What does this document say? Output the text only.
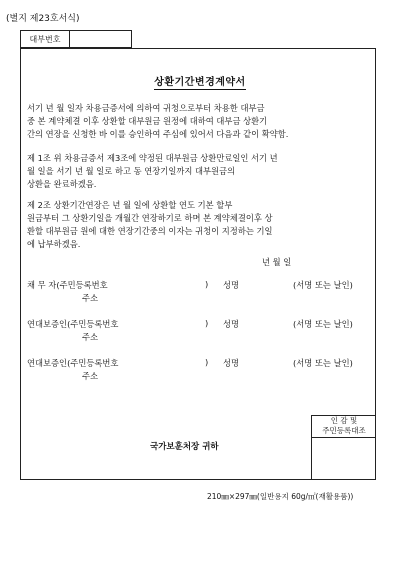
(별지 제23호서식)
대부번호
상환기간변경계약서
서기 년 월 일자 차용금증서에 의하여 귀청으로부터 차용한 대부금
중 본 계약체결 이후 상환할 대부원금 원정에 대하여 대부금 상환기
간의 연장을 신청한 바 이를 승인하여 주심에 있어서 다음과 같이 확약함.
제 1조 위 차용금증서 제3조에 약정된 대부원금 상환만료일인 서기 년
월 일을 서기 년 월 일로 하고 동 연장기일까지 대부원금의
상환을 완료하겠음.
제 2조 상환기간연장은 년 월 일에 상환할 연도 기본 할부
원금부터 그 상환기일을 개월간 연장하기로 하며 본 계약체결이후 상
환할 대부원금 원에 대한 연장기간중의 이자는 귀청이 지정하는 기일
에 납부하겠음.
년 월 일
채 무 자(주민등록번호	) 성명	(서명 또는 날인)
주소
연대보증인(주민등록번호	) 성명	(서명 또는 날인)
주소
연대보증인(주민등록번호	) 성명	(서명 또는 날인)
주소
인 감 및
주민등록대조
국가보훈처장 귀하
210㎜×297㎜(일반용지 60g/㎡(재활용품))
